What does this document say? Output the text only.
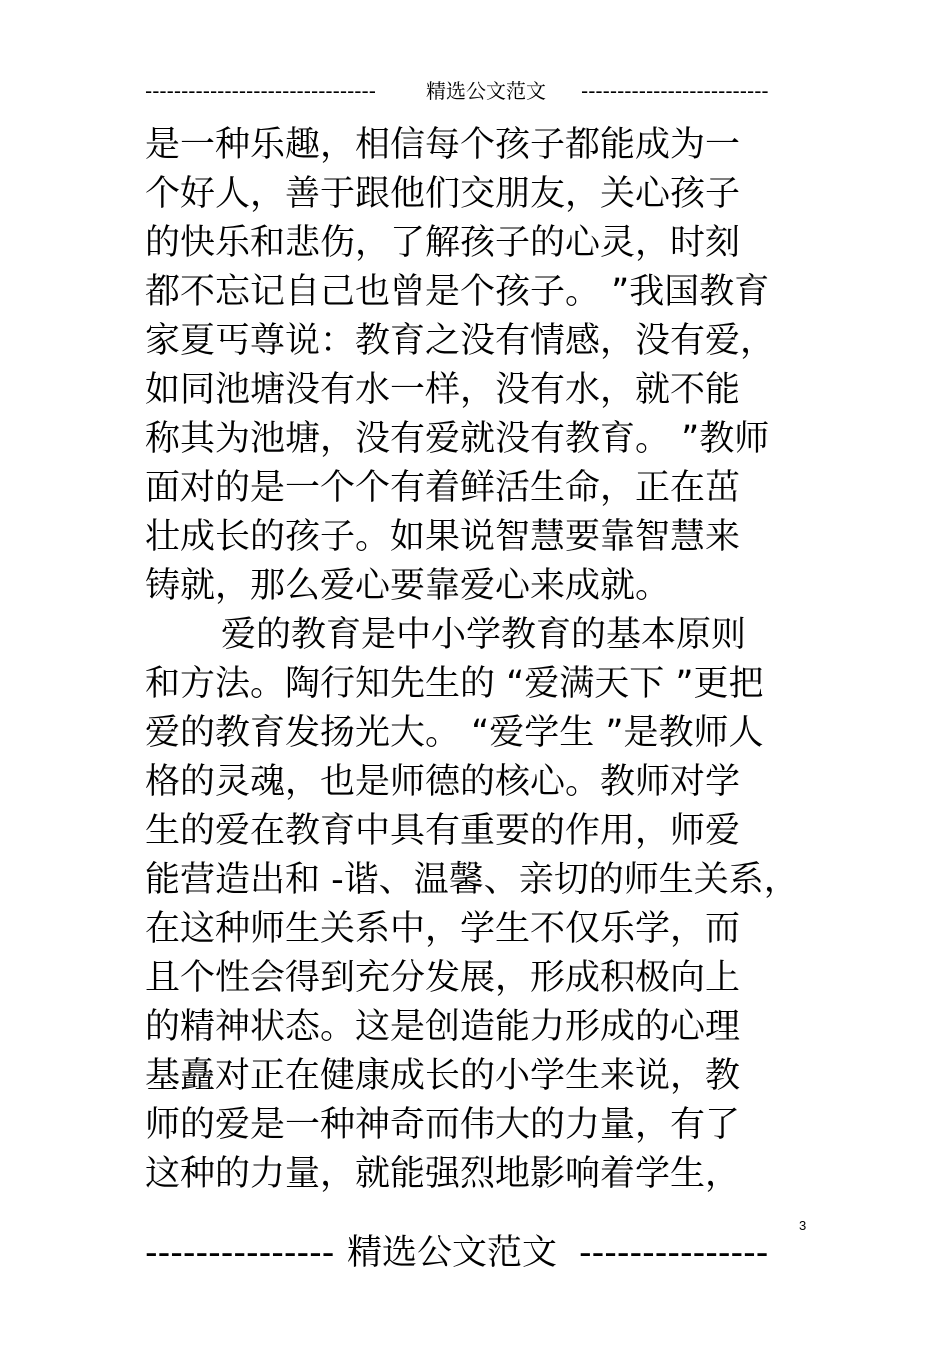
--------------------------------	精选公文范文 --------------------------
是一种乐趣，相信每个孩子都能成为一
个好人，善于跟他们交朋友，关心孩子
的快乐和悲伤，了解孩子的心灵，时刻
都不忘记自己也曾是个孩子。 ”我国教育
家夏丐尊说：教育之没有情感，没有爱，
如同池塘没有水一样，没有水，就不能
称其为池塘，没有爱就没有教育。 ”教师
面对的是一个个有着鲜活生命，正在茁
壮成长的孩子。如果说智慧要靠智慧来
铸就，那么爱心要靠爱心来成就。
爱的教育是中小学教育的基本原则
和方法。陶行知先生的 “爱满天下 ”更把
爱的教育发扬光大。 “爱学生 ”是教师人
格的灵魂，也是师德的核心。教师对学
生的爱在教育中具有重要的作用，师爱
能营造出和 -谐、温馨、亲切的师生关系，
在这种师生关系中，学生不仅乐学，而
且个性会得到充分发展，形成积极向上
的精神状态。这是创造能力形成的心理
基矗对正在健康成长的小学生来说，教
师的爱是一种神奇而伟大的力量，有了
这种的力量，就能强烈地影响着学生，
3
--------------- 精选公文范文 ---------------
